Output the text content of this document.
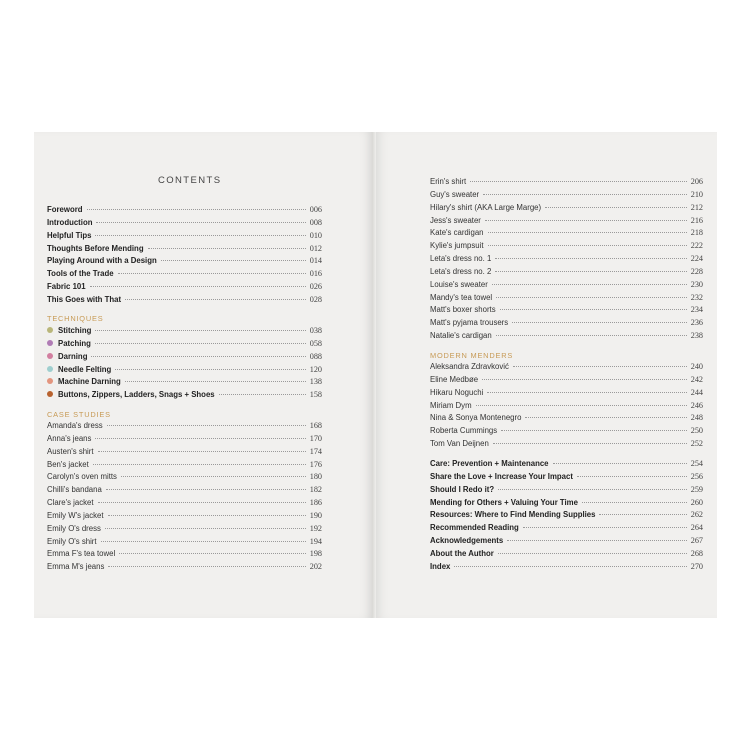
CONTENTS
Foreword	006
Introduction	008
Helpful Tips	010
Thoughts Before Mending	012
Playing Around with a Design	014
Tools of the Trade	016
Fabric 101	026
This Goes with That	028
TECHNIQUES
Stitching	038
Patching	058
Darning	088
Needle Felting	120
Machine Darning	138
Buttons, Zippers, Ladders, Snags + Shoes	158
CASE STUDIES
Amanda's dress	168
Anna's jeans	170
Austen's shirt	174
Ben's jacket	176
Carolyn's oven mitts	180
Chilli's bandana	182
Clare's jacket	186
Emily W's jacket	190
Emily O's dress	192
Emily O's shirt	194
Emma F's tea towel	198
Emma M's jeans	202
Erin's shirt	206
Guy's sweater	210
Hilary's shirt (AKA Large Marge)	212
Jess's sweater	216
Kate's cardigan	218
Kylie's jumpsuit	222
Leta's dress no. 1	224
Leta's dress no. 2	228
Louise's sweater	230
Mandy's tea towel	232
Matt's boxer shorts	234
Matt's pyjama trousers	236
Natalie's cardigan	238
MODERN MENDERS
Aleksandra Zdravković	240
Eline Medbøe	242
Hikaru Noguchi	244
Miriam Dym	246
Nina & Sonya Montenegro	248
Roberta Cummings	250
Tom Van Deijnen	252
Care: Prevention + Maintenance	254
Share the Love + Increase Your Impact	256
Should I Redo it?	259
Mending for Others + Valuing Your Time	260
Resources: Where to Find Mending Supplies	262
Recommended Reading	264
Acknowledgements	267
About the Author	268
Index	270
